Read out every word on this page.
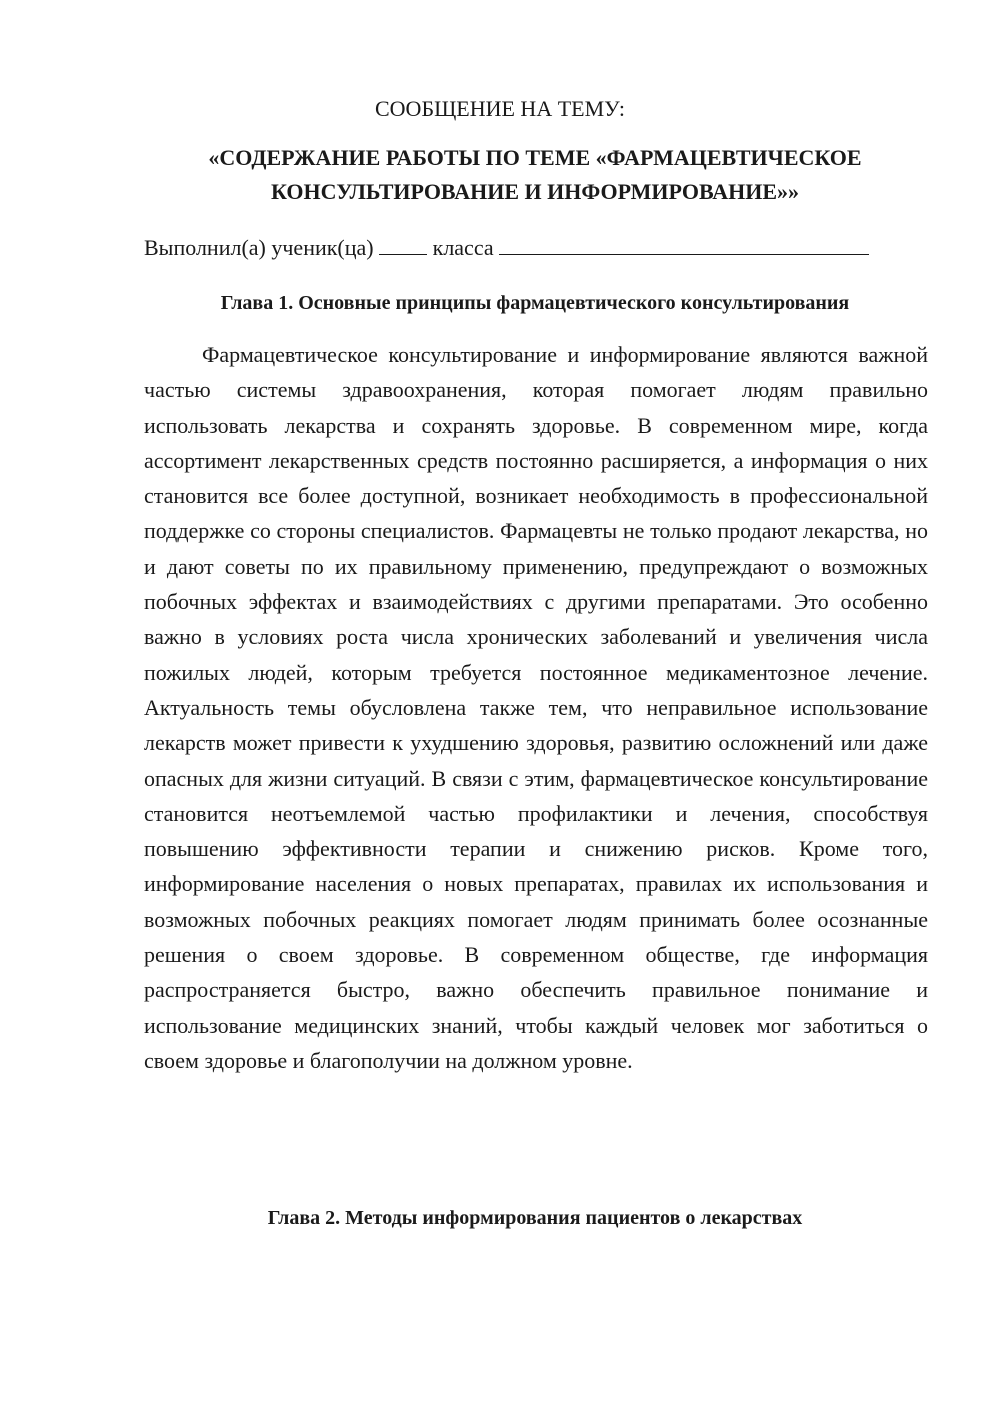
СООБЩЕНИЕ НА ТЕМУ:

«СОДЕРЖАНИЕ РАБОТЫ ПО ТЕМЕ «ФАРМАЦЕВТИЧЕСКОЕ
КОНСУЛЬТИРОВАНИЕ И ИНФОРМИРОВАНИЕ»»
Выполнил(а) ученик(ца)	класса
Глава 1. Основные принципы фармацевтического консультирования

Фармацевтическое консультирование и информирование являются важной частью системы здравоохранения, которая помогает людям правильно использовать лекарства и сохранять здоровье. В современном мире, когда ассортимент лекарственных средств постоянно расширяется, а информация о них становится все более доступной, возникает необходимость в профессиональной поддержке со стороны специалистов. Фармацевты не только продают лекарства, но и дают советы по их правильному применению, предупреждают о возможных побочных эффектах и взаимодействиях с другими препаратами. Это особенно важно в условиях роста числа хронических заболеваний и увеличения числа пожилых людей, которым требуется постоянное медикаментозное лечение. Актуальность темы обусловлена также тем, что неправильное использование лекарств может привести к ухудшению здоровья, развитию осложнений или даже опасных для жизни ситуаций. В связи с этим, фармацевтическое консультирование становится неотъемлемой частью профилактики и лечения, способствуя повышению эффективности терапии и снижению рисков. Кроме того, информирование населения о новых препаратах, правилах их использования и возможных побочных реакциях помогает людям принимать более осознанные решения о своем здоровье. В современном обществе, где информация распространяется быстро, важно обеспечить правильное понимание и использование медицинских знаний, чтобы каждый человек мог заботиться о своем здоровье и благополучии на должном уровне.

Глава 2. Методы информирования пациентов о лекарствах
